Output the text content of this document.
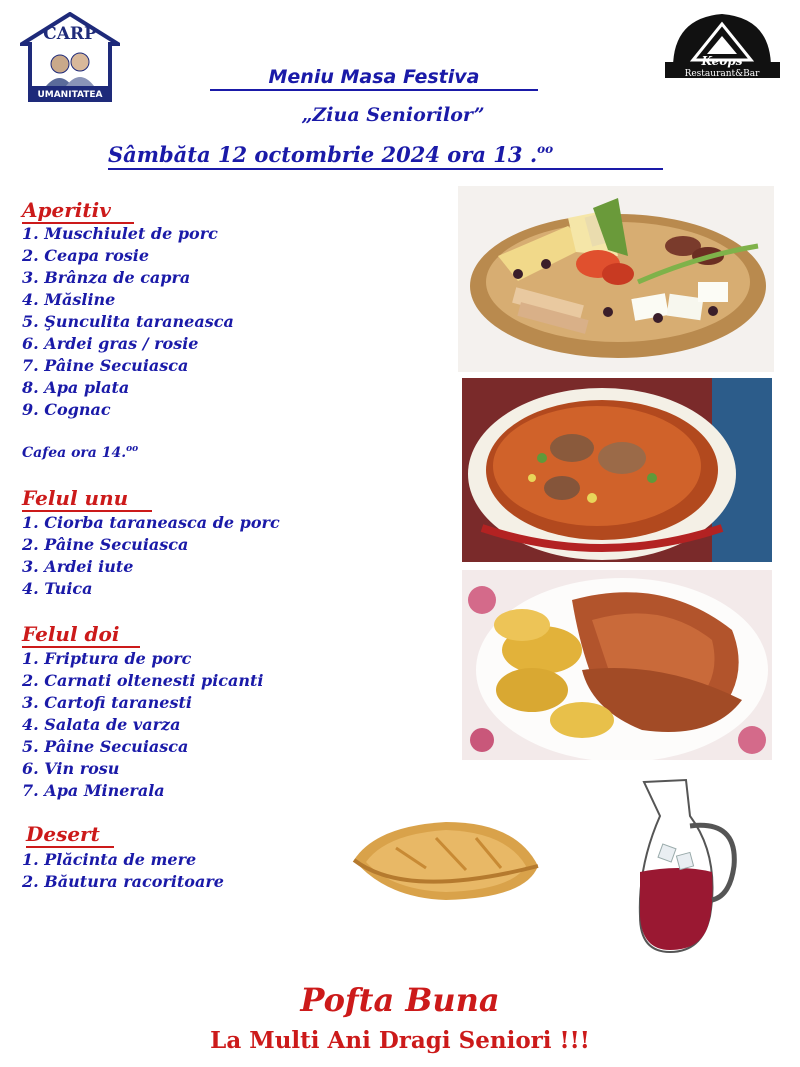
CARP
UMANITATEA
Keops
Restaurant&Bar
Meniu Masa Festiva
„Ziua Seniorilor”
Sâmbăta 12 octombrie 2024 ora 13 .$^{oo}$
Aperitiv
1. Muschiulet de porc
2. Ceapa rosie
3. Brânza de capra
4. Măsline
5. Şunculita taraneasca
6. Ardei gras / rosie
7. Pâine Secuiasca
8. Apa plata
9. Cognac
Cafea ora 14.$^{oo}$
Felul unu
1. Ciorba taraneasca de porc
2. Pâine Secuiasca
3. Ardei iute
4. Tuica
Felul doi
1. Friptura de porc
2. Carnati oltenesti picanti
3. Cartofi taranesti
4. Salata de varza
5. Pâine Secuiasca
6. Vin rosu
7. Apa Minerala
Desert
1. Plăcinta de mere
2. Băutura racoritoare
Pofta Buna
La Multi Ani Dragi Seniori !!!
